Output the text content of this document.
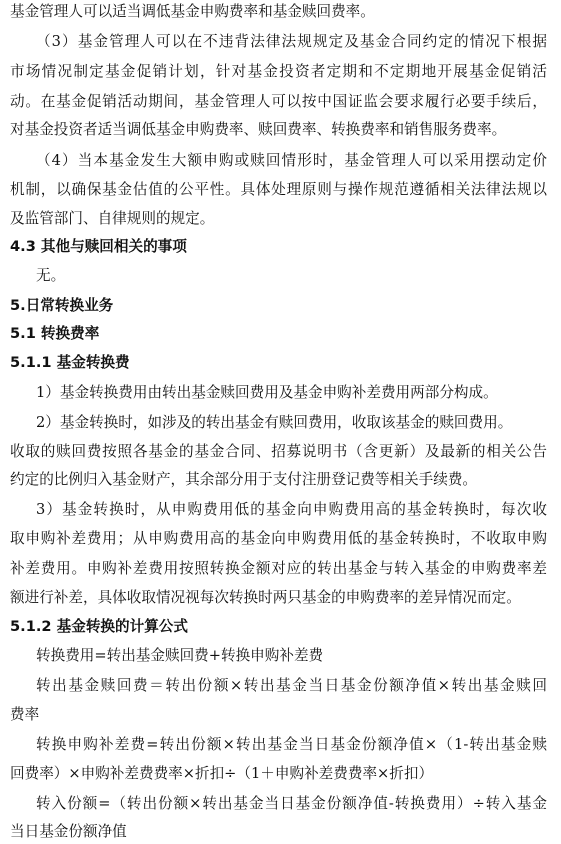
基金管理人可以适当调低基金申购费率和基金赎回费率。
（3）基金管理人可以在不违背法律法规规定及基金合同约定的情况下根据
市场情况制定基金促销计划，针对基金投资者定期和不定期地开展基金促销活
动。在基金促销活动期间，基金管理人可以按中国证监会要求履行必要手续后，
对基金投资者适当调低基金申购费率、赎回费率、转换费率和销售服务费率。
（4）当本基金发生大额申购或赎回情形时，基金管理人可以采用摆动定价
机制，以确保基金估值的公平性。具体处理原则与操作规范遵循相关法律法规以
及监管部门、自律规则的规定。
4.3 其他与赎回相关的事项
无。
5.日常转换业务
5.1 转换费率
5.1.1 基金转换费
1）基金转换费用由转出基金赎回费用及基金申购补差费用两部分构成。
2）基金转换时，如涉及的转出基金有赎回费用，收取该基金的赎回费用。
收取的赎回费按照各基金的基金合同、招募说明书（含更新）及最新的相关公告
约定的比例归入基金财产，其余部分用于支付注册登记费等相关手续费。
3）基金转换时，从申购费用低的基金向申购费用高的基金转换时，每次收
取申购补差费用；从申购费用高的基金向申购费用低的基金转换时，不收取申购
补差费用。申购补差费用按照转换金额对应的转出基金与转入基金的申购费率差
额进行补差，具体收取情况视每次转换时两只基金的申购费率的差异情况而定。
5.1.2 基金转换的计算公式
转换费用=转出基金赎回费+转换申购补差费
转出基金赎回费＝转出份额×转出基金当日基金份额净值×转出基金赎回
费率
转换申购补差费=转出份额×转出基金当日基金份额净值×（1-转出基金赎
回费率）×申购补差费费率×折扣÷（1＋申购补差费费率×折扣）
转入份额=（转出份额×转出基金当日基金份额净值-转换费用）÷转入基金
当日基金份额净值
